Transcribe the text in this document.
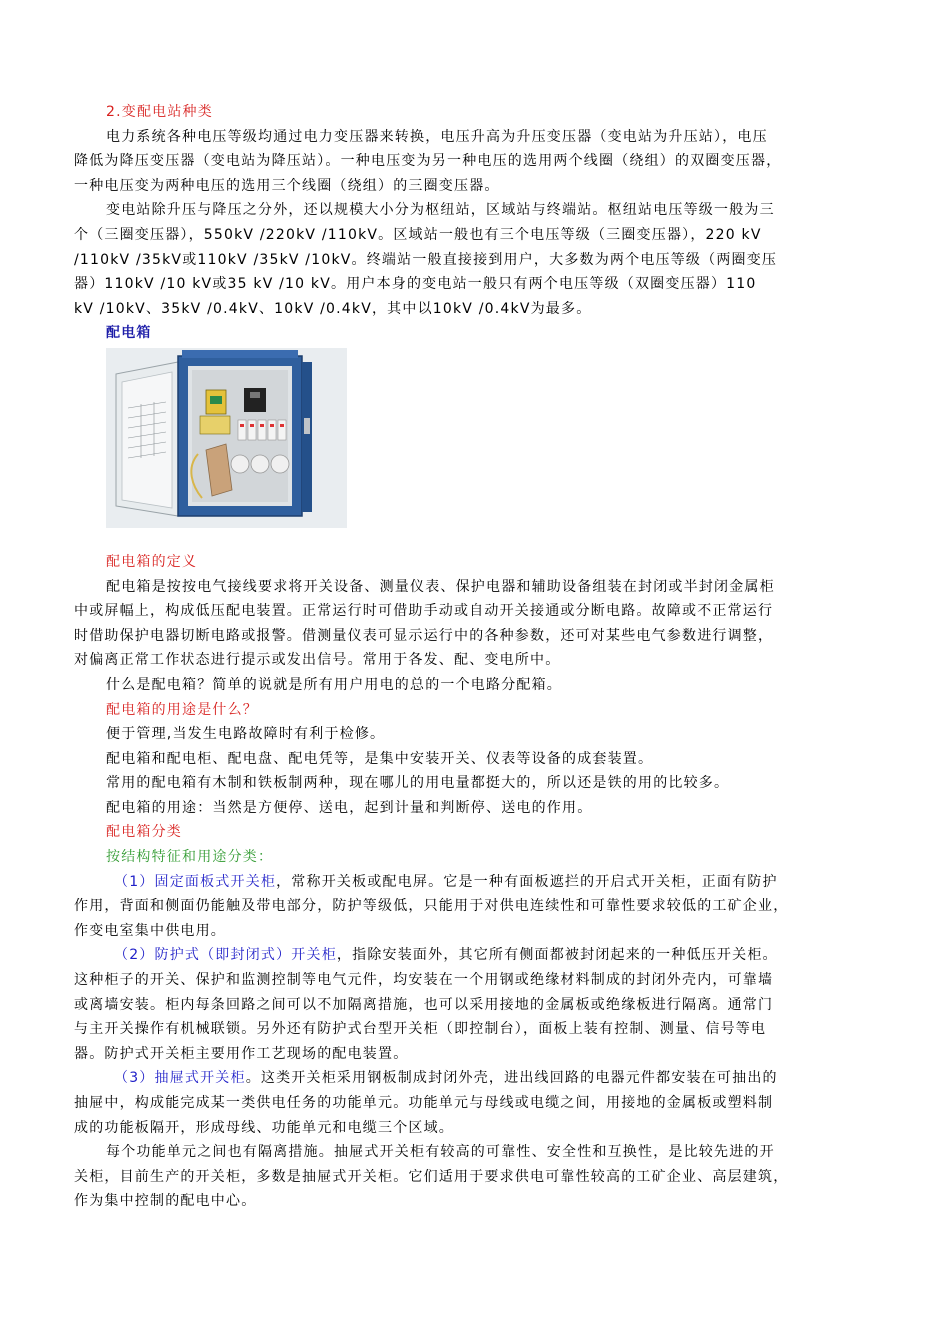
2.变配电站种类
电力系统各种电压等级均通过电力变压器来转换，电压升高为升压变压器（变电站为升压站），电压
降低为降压变压器（变电站为降压站）。一种电压变为另一种电压的选用两个线圈（绕组）的双圈变压器，
一种电压变为两种电压的选用三个线圈（绕组）的三圈变压器。
变电站除升压与降压之分外，还以规模大小分为枢纽站，区域站与终端站。枢纽站电压等级一般为三
个（三圈变压器），550kV /220kV /110kV。区域站一般也有三个电压等级（三圈变压器），220 kV
/110kV /35kV或110kV /35kV /10kV。终端站一般直接接到用户，大多数为两个电压等级（两圈变压
器）110kV /10 kV或35 kV /10 kV。用户本身的变电站一般只有两个电压等级（双圈变压器）110
kV /10kV、35kV /0.4kV、10kV /0.4kV，其中以10kV /0.4kV为最多。
配电箱
配电箱的定义
配电箱是按按电气接线要求将开关设备、测量仪表、保护电器和辅助设备组装在封闭或半封闭金属柜
中或屏幅上，构成低压配电装置。正常运行时可借助手动或自动开关接通或分断电路。故障或不正常运行
时借助保护电器切断电路或报警。借测量仪表可显示运行中的各种参数，还可对某些电气参数进行调整，
对偏离正常工作状态进行提示或发出信号。常用于各发、配、变电所中。
什么是配电箱？简单的说就是所有用户用电的总的一个电路分配箱。
配电箱的用途是什么？
便于管理,当发生电路故障时有利于检修。
配电箱和配电柜、配电盘、配电凭等，是集中安装开关、仪表等设备的成套装置。
常用的配电箱有木制和铁板制两种，现在哪儿的用电量都挺大的，所以还是铁的用的比较多。
配电箱的用途：当然是方便停、送电，起到计量和判断停、送电的作用。
配电箱分类
按结构特征和用途分类：
（1）固定面板式开关柜，常称开关板或配电屏。它是一种有面板遮拦的开启式开关柜，正面有防护
作用，背面和侧面仍能触及带电部分，防护等级低，只能用于对供电连续性和可靠性要求较低的工矿企业，
作变电室集中供电用。
（2）防护式（即封闭式）开关柜，指除安装面外，其它所有侧面都被封闭起来的一种低压开关柜。
这种柜子的开关、保护和监测控制等电气元件，均安装在一个用钢或绝缘材料制成的封闭外壳内，可靠墙
或离墙安装。柜内每条回路之间可以不加隔离措施，也可以采用接地的金属板或绝缘板进行隔离。通常门
与主开关操作有机械联锁。另外还有防护式台型开关柜（即控制台），面板上装有控制、测量、信号等电
器。防护式开关柜主要用作工艺现场的配电装置。
（3）抽屉式开关柜。这类开关柜采用钢板制成封闭外壳，进出线回路的电器元件都安装在可抽出的
抽屉中，构成能完成某一类供电任务的功能单元。功能单元与母线或电缆之间，用接地的金属板或塑料制
成的功能板隔开，形成母线、功能单元和电缆三个区域。
每个功能单元之间也有隔离措施。抽屉式开关柜有较高的可靠性、安全性和互换性，是比较先进的开
关柜，目前生产的开关柜，多数是抽屉式开关柜。它们适用于要求供电可靠性较高的工矿企业、高层建筑，
作为集中控制的配电中心。
